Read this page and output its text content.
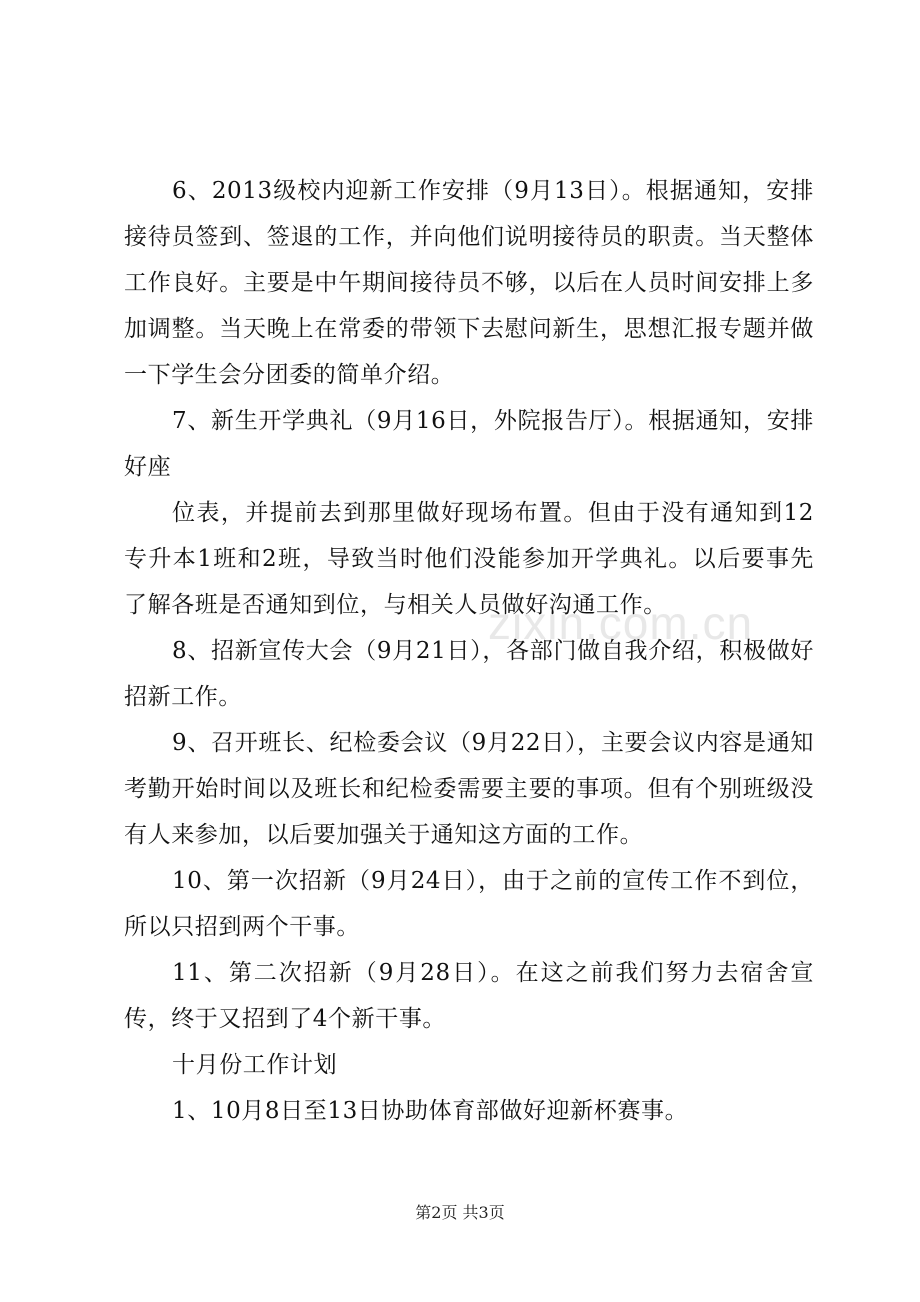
6、2013级校内迎新工作安排（9月13日）。根据通知，安排接待员签到、签退的工作，并向他们说明接待员的职责。当天整体工作良好。主要是中午期间接待员不够，以后在人员时间安排上多加调整。当天晚上在常委的带领下去慰问新生，思想汇报专题并做一下学生会分团委的简单介绍。

7、新生开学典礼（9月16日，外院报告厅）。根据通知，安排好座

位表，并提前去到那里做好现场布置。但由于没有通知到12专升本1班和2班，导致当时他们没能参加开学典礼。以后要事先了解各班是否通知到位，与相关人员做好沟通工作。

8、招新宣传大会（9月21日），各部门做自我介绍，积极做好招新工作。

9、召开班长、纪检委会议（9月22日），主要会议内容是通知考勤开始时间以及班长和纪检委需要主要的事项。但有个别班级没有人来参加，以后要加强关于通知这方面的工作。

10、第一次招新（9月24日），由于之前的宣传工作不到位，所以只招到两个干事。

11、第二次招新（9月28日）。在这之前我们努力去宿舍宣传，终于又招到了4个新干事。

十月份工作计划

1、10月8日至13日协助体育部做好迎新杯赛事。

zixin.com.cn
第2页 共3页
